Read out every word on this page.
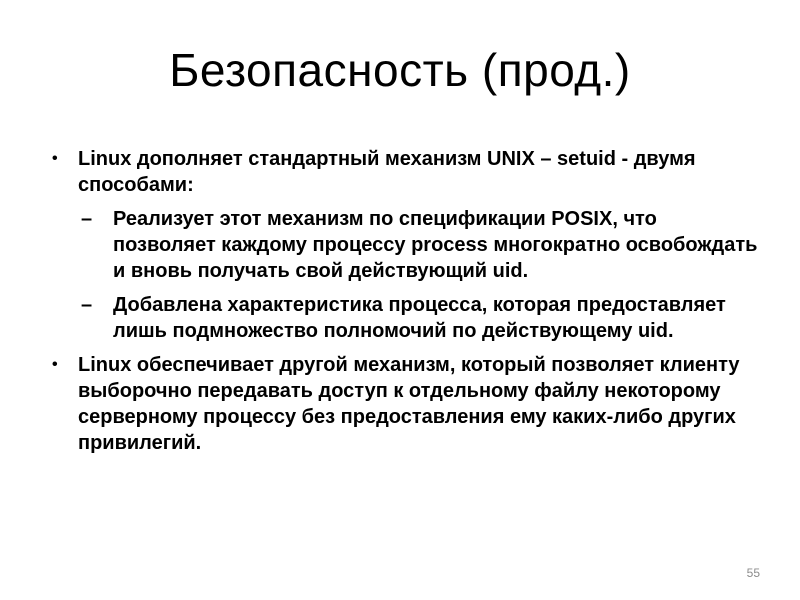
Безопасность (прод.)
• Linux дополняет стандартный механизм UNIX – setuid - двумя способами:
– Реализует этот механизм по спецификации POSIX, что позволяет каждому процессу process многократно освобождать и вновь получать свой действующий uid.
– Добавлена характеристика процесса, которая предоставляет лишь подмножество полномочий по действующему uid.
• Linux обеспечивает другой механизм, который позволяет клиенту выборочно передавать доступ к отдельному файлу некоторому серверному процессу без предоставления ему каких-либо других привилегий.
55
